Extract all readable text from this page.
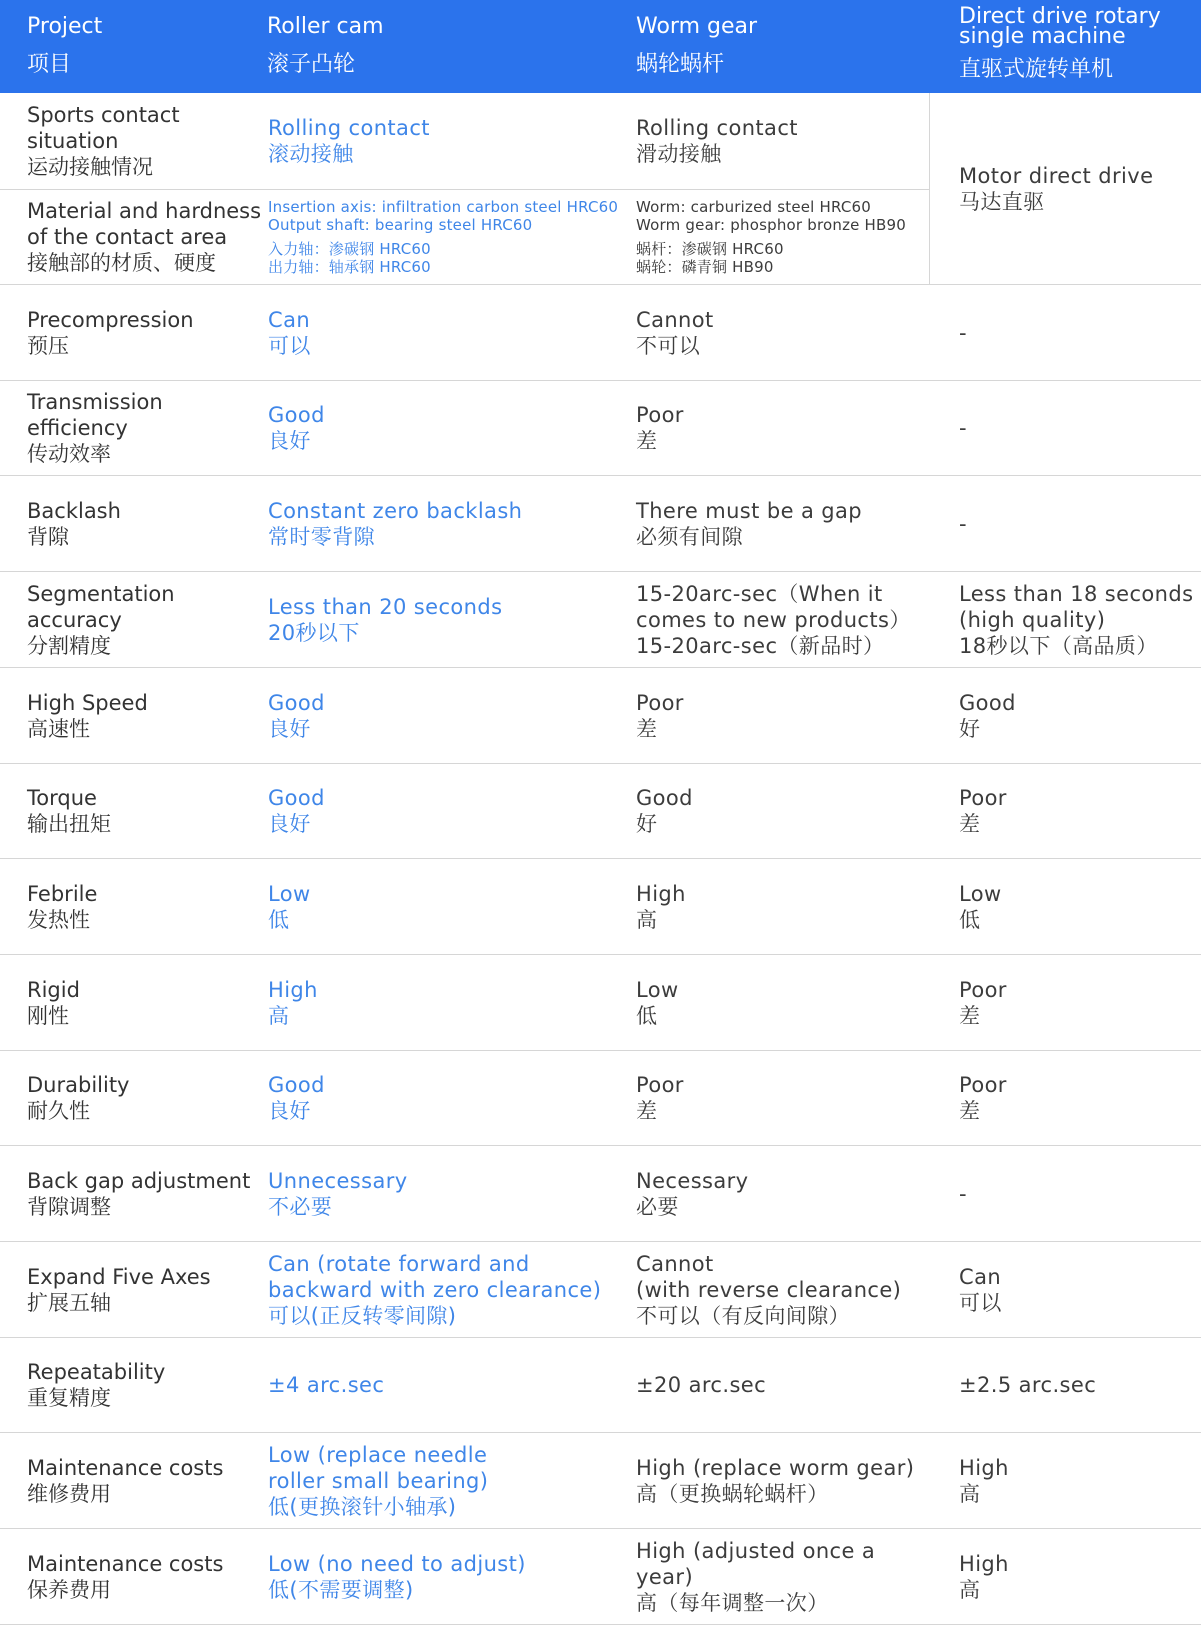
Project
项目
Roller cam
滚子凸轮
Worm gear
蜗轮蜗杆
Direct drive rotary
single machine
直驱式旋转单机
Sports contact situation
运动接触情况
Rolling contact
滚动接触
Rolling contact
滑动接触
Material and hardness
of the contact area
接触部的材质、硬度
Insertion axis: infiltration carbon steel HRC60
Output shaft: bearing steel HRC60
入力轴：渗碳钢 HRC60
出力轴：轴承钢 HRC60
Worm: carburized steel HRC60
Worm gear: phosphor bronze HB90
蜗杆：渗碳钢 HRC60
蜗轮：磷青铜 HB90
Motor direct drive
马达直驱
Precompression
预压
Can
可以
Cannot
不可以
-
Transmission efficiency
传动效率
Good
良好
Poor
差
-
Backlash
背隙
Constant zero backlash
常时零背隙
There must be a gap
必须有间隙
-
Segmentation accuracy
分割精度
Less than 20 seconds
20秒以下
15-20arc-sec（When it
comes to new products）
15-20arc-sec（新品时）
Less than 18 seconds
(high quality)
18秒以下（高品质）
High Speed
高速性
Good
良好
Poor
差
Good
好
Torque
输出扭矩
Good
良好
Good
好
Poor
差
Febrile
发热性
Low
低
High
高
Low
低
Rigid
刚性
High
高
Low
低
Poor
差
Durability
耐久性
Good
良好
Poor
差
Poor
差
Back gap adjustment
背隙调整
Unnecessary
不必要
Necessary
必要
-
Expand Five Axes
扩展五轴
Can (rotate forward and
backward with zero clearance)
可以(正反转零间隙)
Cannot
(with reverse clearance)
不可以（有反向间隙）
Can
可以
Repeatability
重复精度
±4 arc.sec	±20 arc.sec	±2.5 arc.sec
Maintenance costs
维修费用
Low (replace needle
roller small bearing)
低(更换滚针小轴承)
High (replace worm gear)
高（更换蜗轮蜗杆）
High
高
Maintenance costs
保养费用
Low (no need to adjust)
低(不需要调整)
High (adjusted once a year)
高（每年调整一次）
High
高
